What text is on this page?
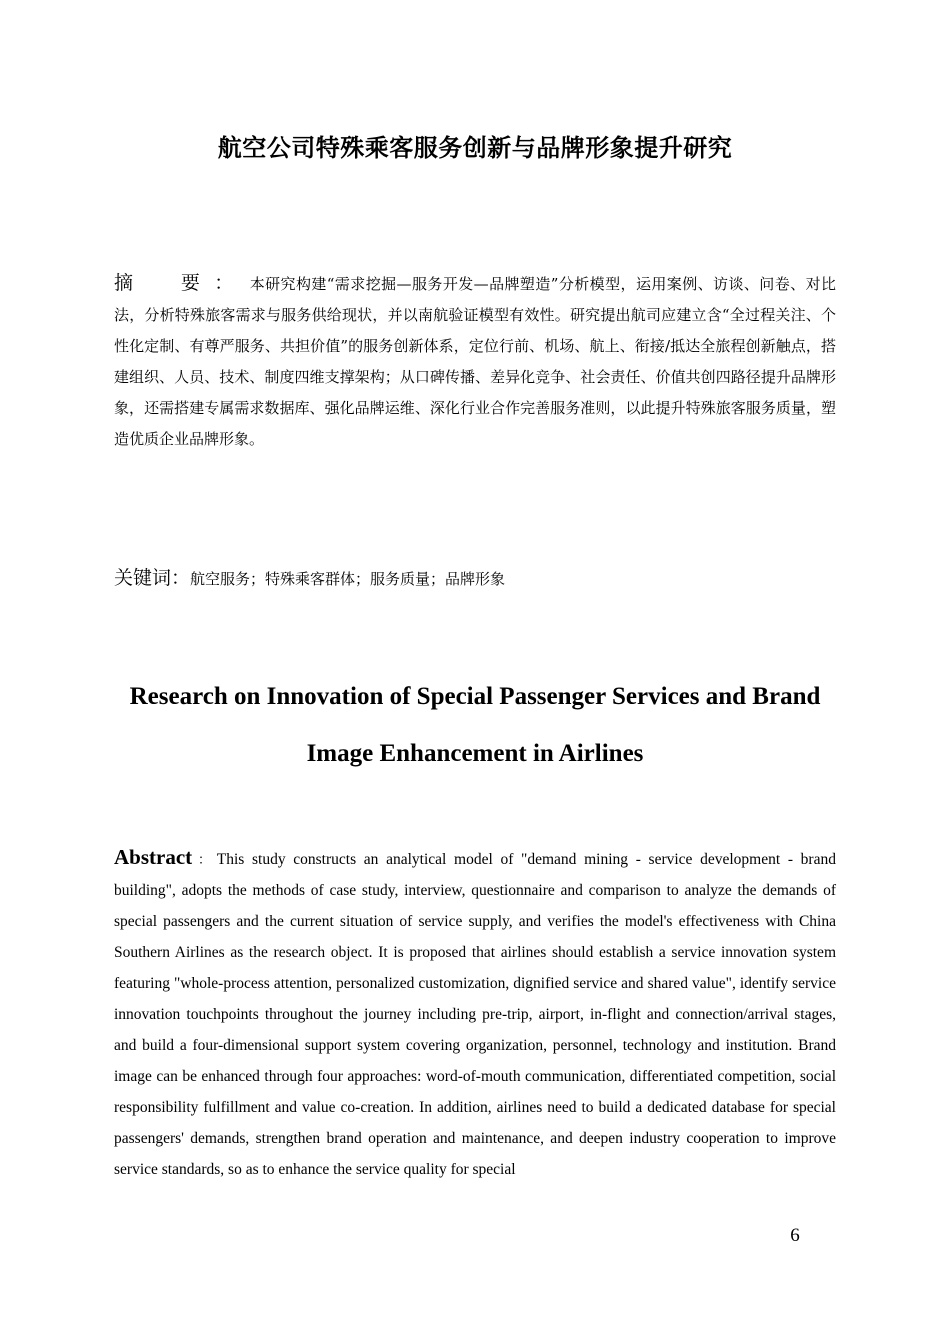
航空公司特殊乘客服务创新与品牌形象提升研究

摘　要： 本研究构建“需求挖掘—服务开发—品牌塑造”分析模型，运用案例、访谈、问卷、对比法，分析特殊旅客需求与服务供给现状，并以南航验证模型有效性。研究提出航司应建立含“全过程关注、个性化定制、有尊严服务、共担价值”的服务创新体系，定位行前、机场、航上、衔接/抵达全旅程创新触点，搭建组织、人员、技术、制度四维支撑架构；从口碑传播、差异化竞争、社会责任、价值共创四路径提升品牌形象，还需搭建专属需求数据库、强化品牌运维、深化行业合作完善服务准则，以此提升特殊旅客服务质量，塑造优质企业品牌形象。

关键词：航空服务；特殊乘客群体；服务质量；品牌形象

Research on Innovation of Special Passenger Services and Brand Image Enhancement in Airlines

Abstract ： This study constructs an analytical model of "demand mining - service development - brand building", adopts the methods of case study, interview, questionnaire and comparison to analyze the demands of special passengers and the current situation of service supply, and verifies the model's effectiveness with China Southern Airlines as the research object. It is proposed that airlines should establish a service innovation system featuring "whole-process attention, personalized customization, dignified service and shared value", identify service innovation touchpoints throughout the journey including pre-trip, airport, in-flight and connection/arrival stages, and build a four-dimensional support system covering organization, personnel, technology and institution. Brand image can be enhanced through four approaches: word-of-mouth communication, differentiated competition, social responsibility fulfillment and value co-creation. In addition, airlines need to build a dedicated database for special passengers' demands, strengthen brand operation and maintenance, and deepen industry cooperation to improve service standards, so as to enhance the service quality for special

6
